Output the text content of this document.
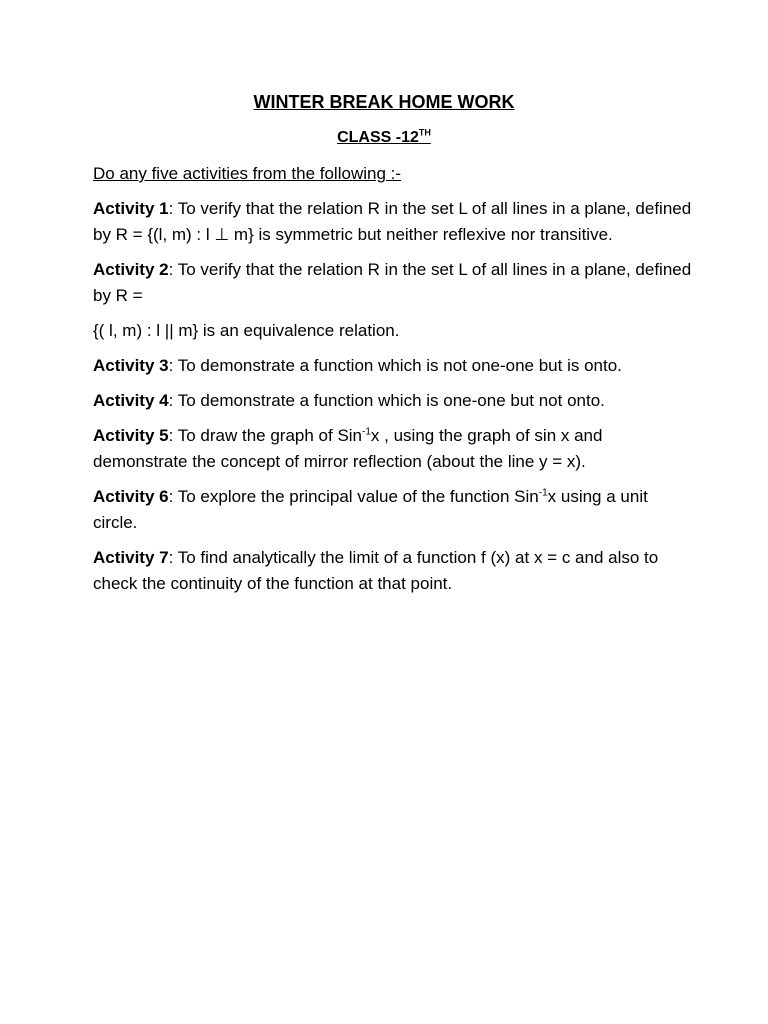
WINTER BREAK HOME WORK
CLASS -12TH

Do any five activities from the following :-

Activity 1: To verify that the relation R in the set L of all lines in a plane, defined by R = {(l, m) : l ⊥ m} is symmetric but neither reflexive nor transitive.

Activity 2: To verify that the relation R in the set L of all lines in a plane, defined by R =

{( l, m) : l || m} is an equivalence relation.

Activity 3: To demonstrate a function which is not one-one but is onto.

Activity 4: To demonstrate a function which is one-one but not onto.

Activity 5: To draw the graph of Sin$^{-1}$x , using the graph of sin x and demonstrate the concept of mirror reflection (about the line y = x).

Activity 6: To explore the principal value of the function Sin$^{-1}$x using a unit circle.

Activity 7: To find analytically the limit of a function f (x) at x = c and also to check the continuity of the function at that point.
